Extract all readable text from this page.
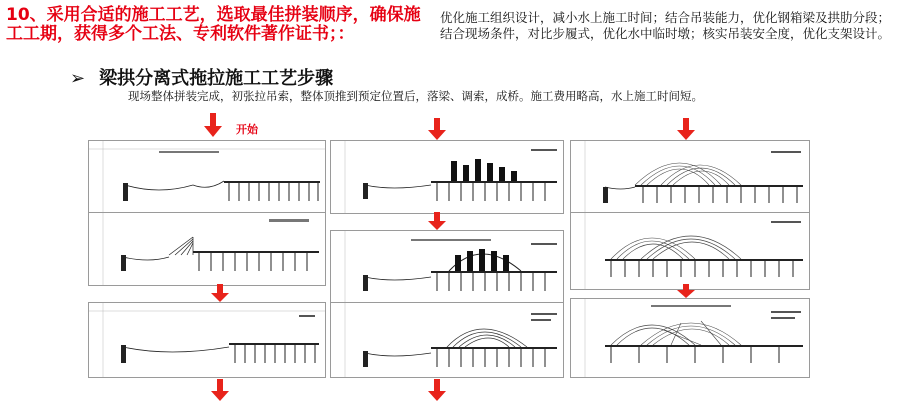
10、采用合适的施工工艺，选取最佳拼装顺序，确保施工工期，获得多个工法、专利软件著作证书；：
优化施工组织设计，减小水上施工时间；结合吊装能力，优化钢箱梁及拱肋分段；结合现场条件，对比步履式，优化水中临时墩；核实吊装安全度，优化支架设计。
➢ 梁拱分离式拖拉施工工艺步骤
现场整体拼装完成，初张拉吊索，整体顶推到预定位置后，落梁、调索，成桥。施工费用略高，水上施工时间短。
开始
